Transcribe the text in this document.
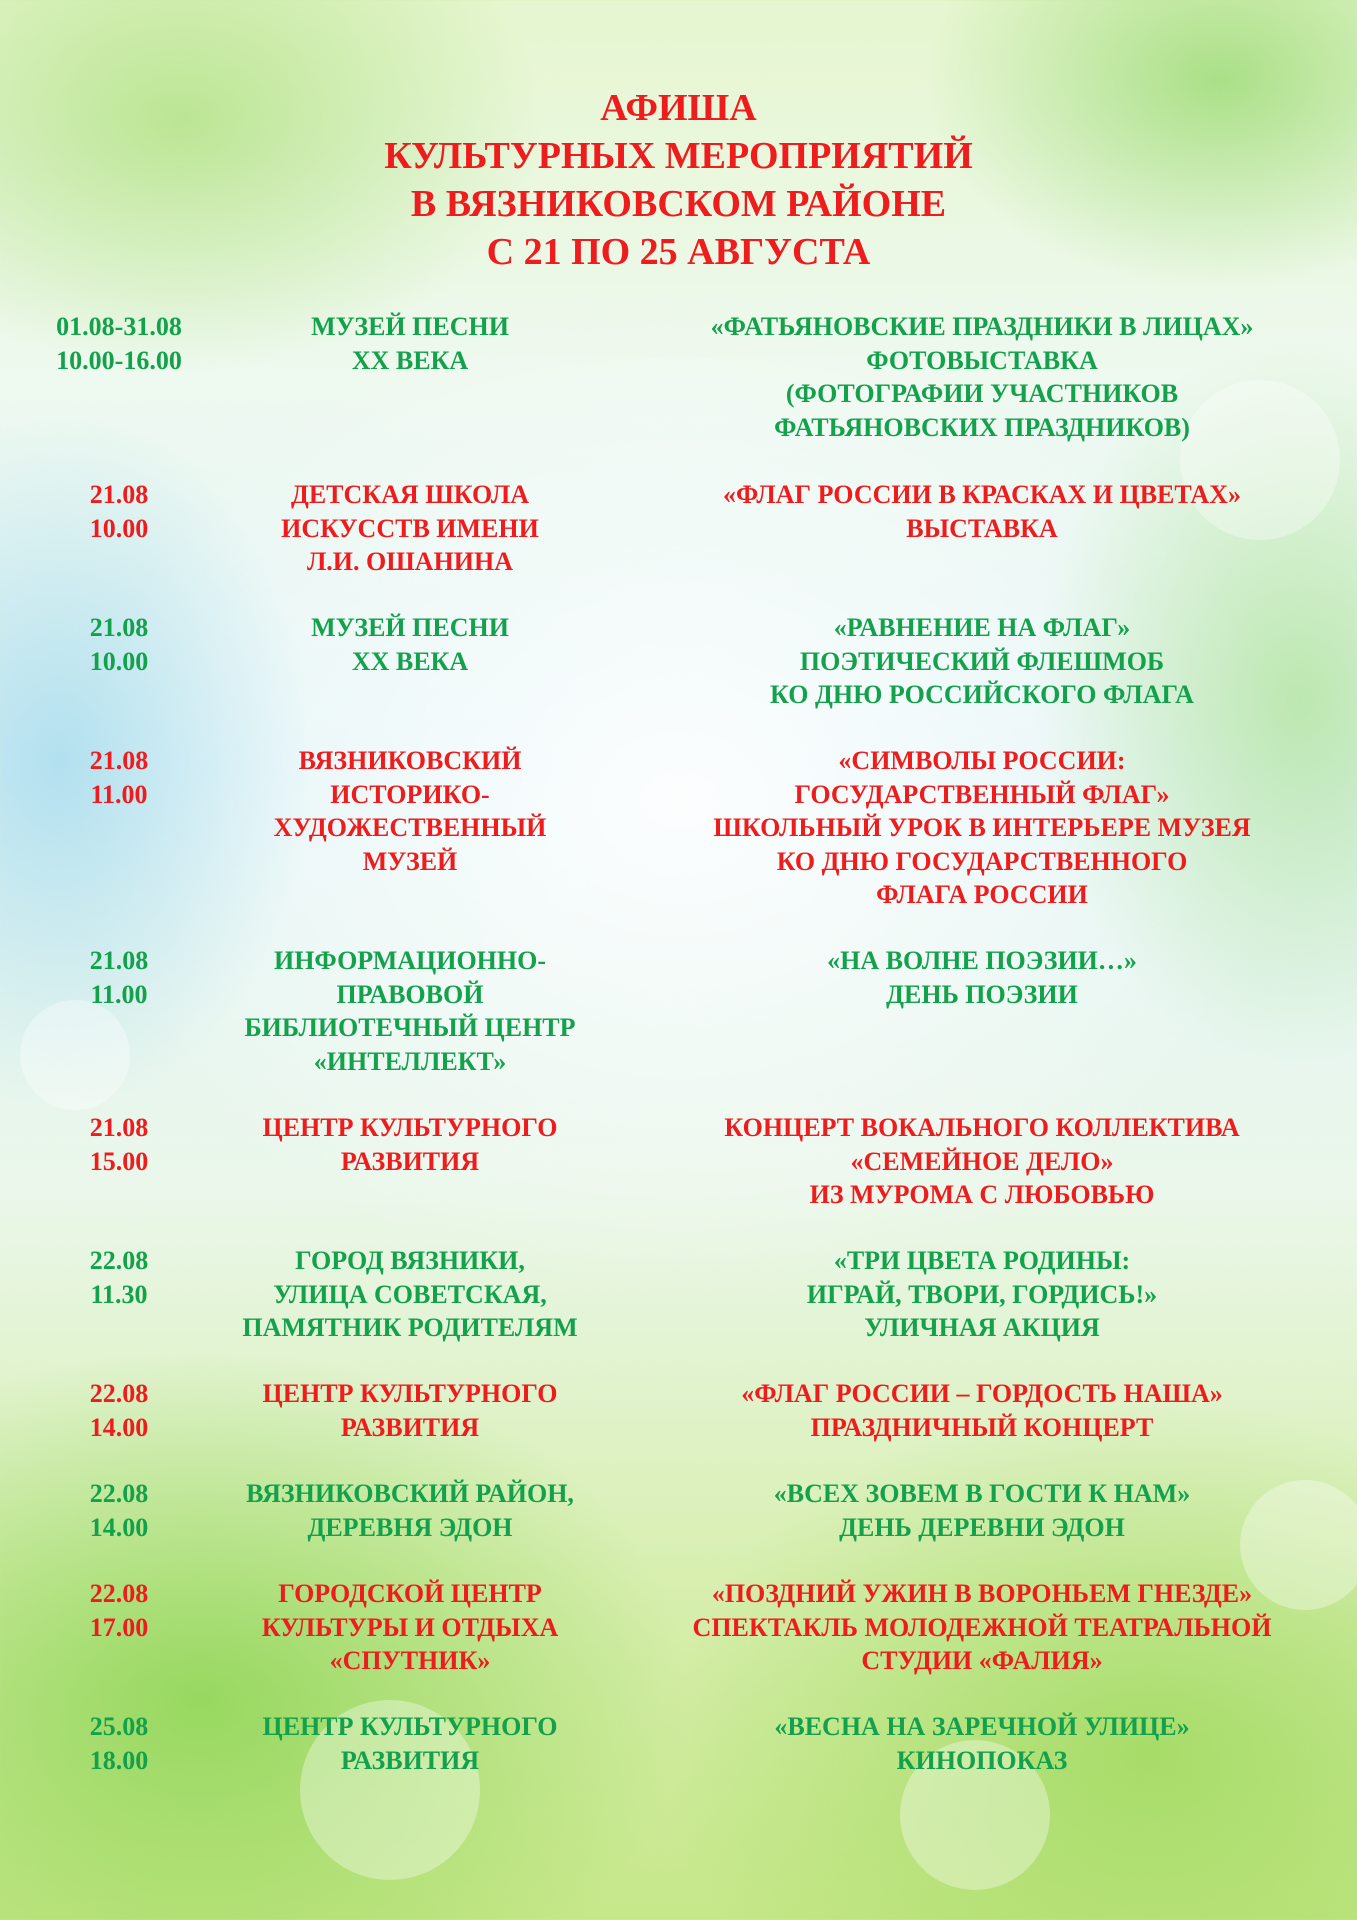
АФИША
КУЛЬТУРНЫХ МЕРОПРИЯТИЙ
В ВЯЗНИКОВСКОМ РАЙОНЕ
С 21 ПО 25 АВГУСТА
01.08-31.08
10.00-16.00
МУЗЕЙ ПЕСНИ
XX ВЕКА
«ФАТЬЯНОВСКИЕ ПРАЗДНИКИ В ЛИЦАХ»
ФОТОВЫСТАВКА
(ФОТОГРАФИИ УЧАСТНИКОВ
ФАТЬЯНОВСКИХ ПРАЗДНИКОВ)
21.08
10.00
ДЕТСКАЯ ШКОЛА
ИСКУССТВ ИМЕНИ
Л.И. ОШАНИНА
«ФЛАГ РОССИИ В КРАСКАХ И ЦВЕТАХ»
ВЫСТАВКА
21.08
10.00
МУЗЕЙ ПЕСНИ
XX ВЕКА
«РАВНЕНИЕ НА ФЛАГ»
ПОЭТИЧЕСКИЙ ФЛЕШМОБ
КО ДНЮ РОССИЙСКОГО ФЛАГА
21.08
11.00
ВЯЗНИКОВСКИЙ
ИСТОРИКО-
ХУДОЖЕСТВЕННЫЙ
МУЗЕЙ
«СИМВОЛЫ РОССИИ:
ГОСУДАРСТВЕННЫЙ ФЛАГ»
ШКОЛЬНЫЙ УРОК В ИНТЕРЬЕРЕ МУЗЕЯ
КО ДНЮ ГОСУДАРСТВЕННОГО
ФЛАГА РОССИИ
21.08
11.00
ИНФОРМАЦИОННО-
ПРАВОВОЙ
БИБЛИОТЕЧНЫЙ ЦЕНТР
«ИНТЕЛЛЕКТ»
«НА ВОЛНЕ ПОЭЗИИ…»
ДЕНЬ ПОЭЗИИ
21.08
15.00
ЦЕНТР КУЛЬТУРНОГО
РАЗВИТИЯ
КОНЦЕРТ ВОКАЛЬНОГО КОЛЛЕКТИВА
«СЕМЕЙНОЕ ДЕЛО»
ИЗ МУРОМА С ЛЮБОВЬЮ
22.08
11.30
ГОРОД ВЯЗНИКИ,
УЛИЦА СОВЕТСКАЯ,
ПАМЯТНИК РОДИТЕЛЯМ
«ТРИ ЦВЕТА РОДИНЫ:
ИГРАЙ, ТВОРИ, ГОРДИСЬ!»
УЛИЧНАЯ АКЦИЯ
22.08
14.00
ЦЕНТР КУЛЬТУРНОГО
РАЗВИТИЯ
«ФЛАГ РОССИИ – ГОРДОСТЬ НАША»
ПРАЗДНИЧНЫЙ КОНЦЕРТ
22.08
14.00
ВЯЗНИКОВСКИЙ РАЙОН,
ДЕРЕВНЯ ЭДОН
«ВСЕХ ЗОВЕМ В ГОСТИ К НАМ»
ДЕНЬ ДЕРЕВНИ ЭДОН
22.08
17.00
ГОРОДСКОЙ ЦЕНТР
КУЛЬТУРЫ И ОТДЫХА
«СПУТНИК»
«ПОЗДНИЙ УЖИН В ВОРОНЬЕМ ГНЕЗДЕ»
СПЕКТАКЛЬ МОЛОДЕЖНОЙ ТЕАТРАЛЬНОЙ
СТУДИИ «ФАЛИЯ»
25.08
18.00
ЦЕНТР КУЛЬТУРНОГО
РАЗВИТИЯ
«ВЕСНА НА ЗАРЕЧНОЙ УЛИЦЕ»
КИНОПОКАЗ
